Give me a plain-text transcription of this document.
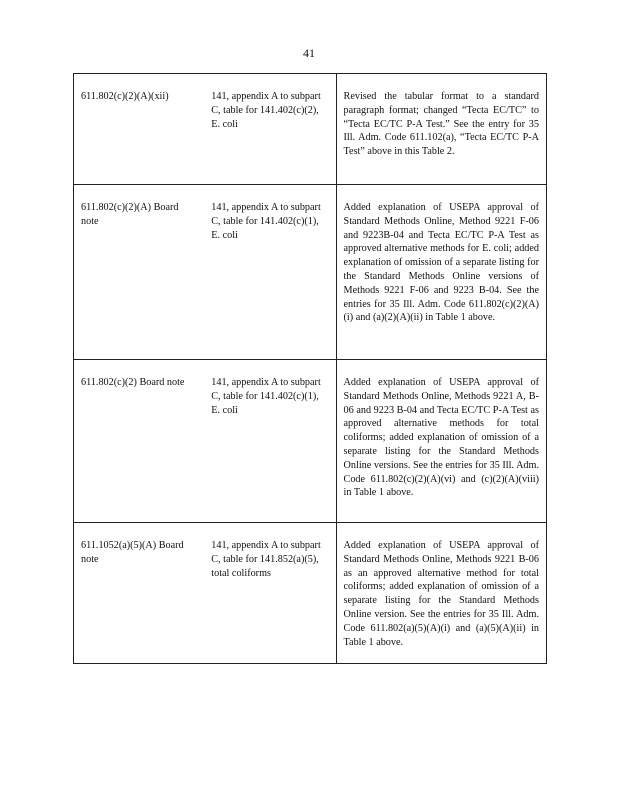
41
611.802(c)(2)(A)(xii)	141, appendix A to subpart C, table for 141.402(c)(2), E. coli	Revised the tabular format to a standard paragraph format; changed “Tecta EC/TC” to “Tecta EC/TC P-A Test.” See the entry for 35 Ill. Adm. Code 611.102(a), “Tecta EC/TC P-A Test” above in this Table 2.

611.802(c)(2)(A) Board note	141, appendix A to subpart C, table for 141.402(c)(1), E. coli	Added explanation of USEPA approval of Standard Methods Online, Method 9221 F-06 and 9223B-04 and Tecta EC/TC P-A Test as approved alternative methods for E. coli; added explanation of omission of a separate listing for the Standard Methods Online versions of Methods 9221 F-06 and 9223 B-04. See the entries for 35 Ill. Adm. Code 611.802(c)(2)(A)(i) and (a)(2)(A)(ii) in Table 1 above.

611.802(c)(2) Board note	141, appendix A to subpart C, table for 141.402(c)(1), E. coli	Added explanation of USEPA approval of Standard Methods Online, Methods 9221 A, B-06 and 9223 B-04 and Tecta EC/TC P-A Test as approved alternative methods for total coliforms; added explanation of omission of a separate listing for the Standard Methods Online versions. See the entries for 35 Ill. Adm. Code 611.802(c)(2)(A)(vi) and (c)(2)(A)(viii) in Table 1 above.

611.1052(a)(5)(A) Board note	141, appendix A to subpart C, table for 141.852(a)(5), total coliforms	Added explanation of USEPA approval of Standard Methods Online, Methods 9221 B-06 as an approved alternative method for total coliforms; added explanation of omission of a separate listing for the Standard Methods Online version. See the entries for 35 Ill. Adm. Code 611.802(a)(5)(A)(i) and (a)(5)(A)(ii) in Table 1 above.
